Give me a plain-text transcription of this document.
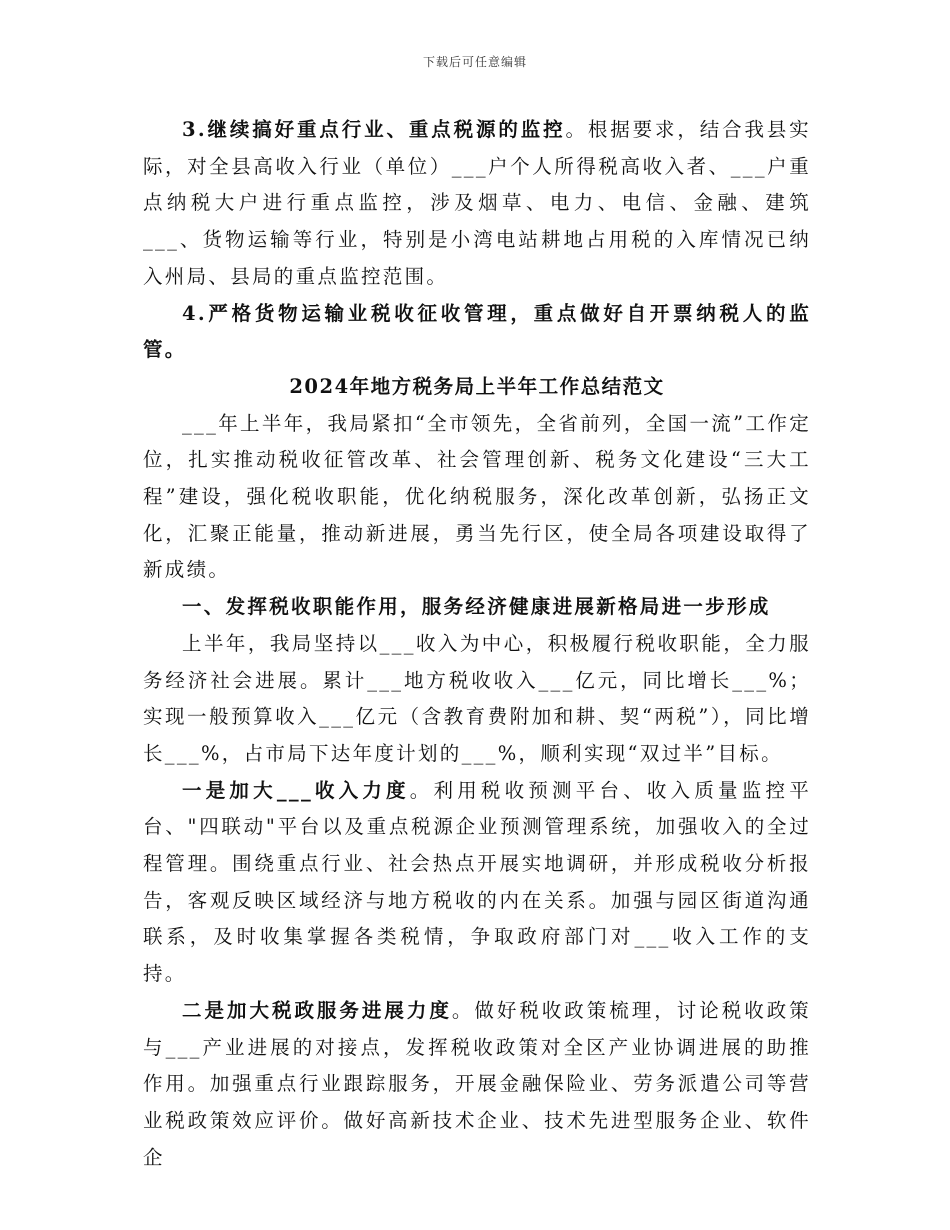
下载后可任意编辑

3.继续搞好重点行业、重点税源的监控。根据要求，结合我县实际，对全县高收入行业（单位）___户个人所得税高收入者、___户重点纳税大户进行重点监控，涉及烟草、电力、电信、金融、建筑___、货物运输等行业，特别是小湾电站耕地占用税的入库情况已纳入州局、县局的重点监控范围。

4.严格货物运输业税收征收管理，重点做好自开票纳税人的监管。

2024年地方税务局上半年工作总结范文

___年上半年，我局紧扣“全市领先，全省前列，全国一流”工作定位，扎实推动税收征管改革、社会管理创新、税务文化建设“三大工程”建设，强化税收职能，优化纳税服务，深化改革创新，弘扬正文化，汇聚正能量，推动新进展，勇当先行区，使全局各项建设取得了新成绩。

一、发挥税收职能作用，服务经济健康进展新格局进一步形成

上半年，我局坚持以___收入为中心，积极履行税收职能，全力服务经济社会进展。累计___地方税收收入___亿元，同比增长___%；实现一般预算收入___亿元（含教育费附加和耕、契“两税”），同比增长___%，占市局下达年度计划的___%，顺利实现“双过半”目标。

一是加大___收入力度。利用税收预测平台、收入质量监控平台、"四联动"平台以及重点税源企业预测管理系统，加强收入的全过程管理。围绕重点行业、社会热点开展实地调研，并形成税收分析报告，客观反映区域经济与地方税收的内在关系。加强与园区街道沟通联系，及时收集掌握各类税情，争取政府部门对___收入工作的支持。

二是加大税政服务进展力度。做好税收政策梳理，讨论税收政策与___产业进展的对接点，发挥税收政策对全区产业协调进展的助推作用。加强重点行业跟踪服务，开展金融保险业、劳务派遣公司等营业税政策效应评价。做好高新技术企业、技术先进型服务企业、软件企
